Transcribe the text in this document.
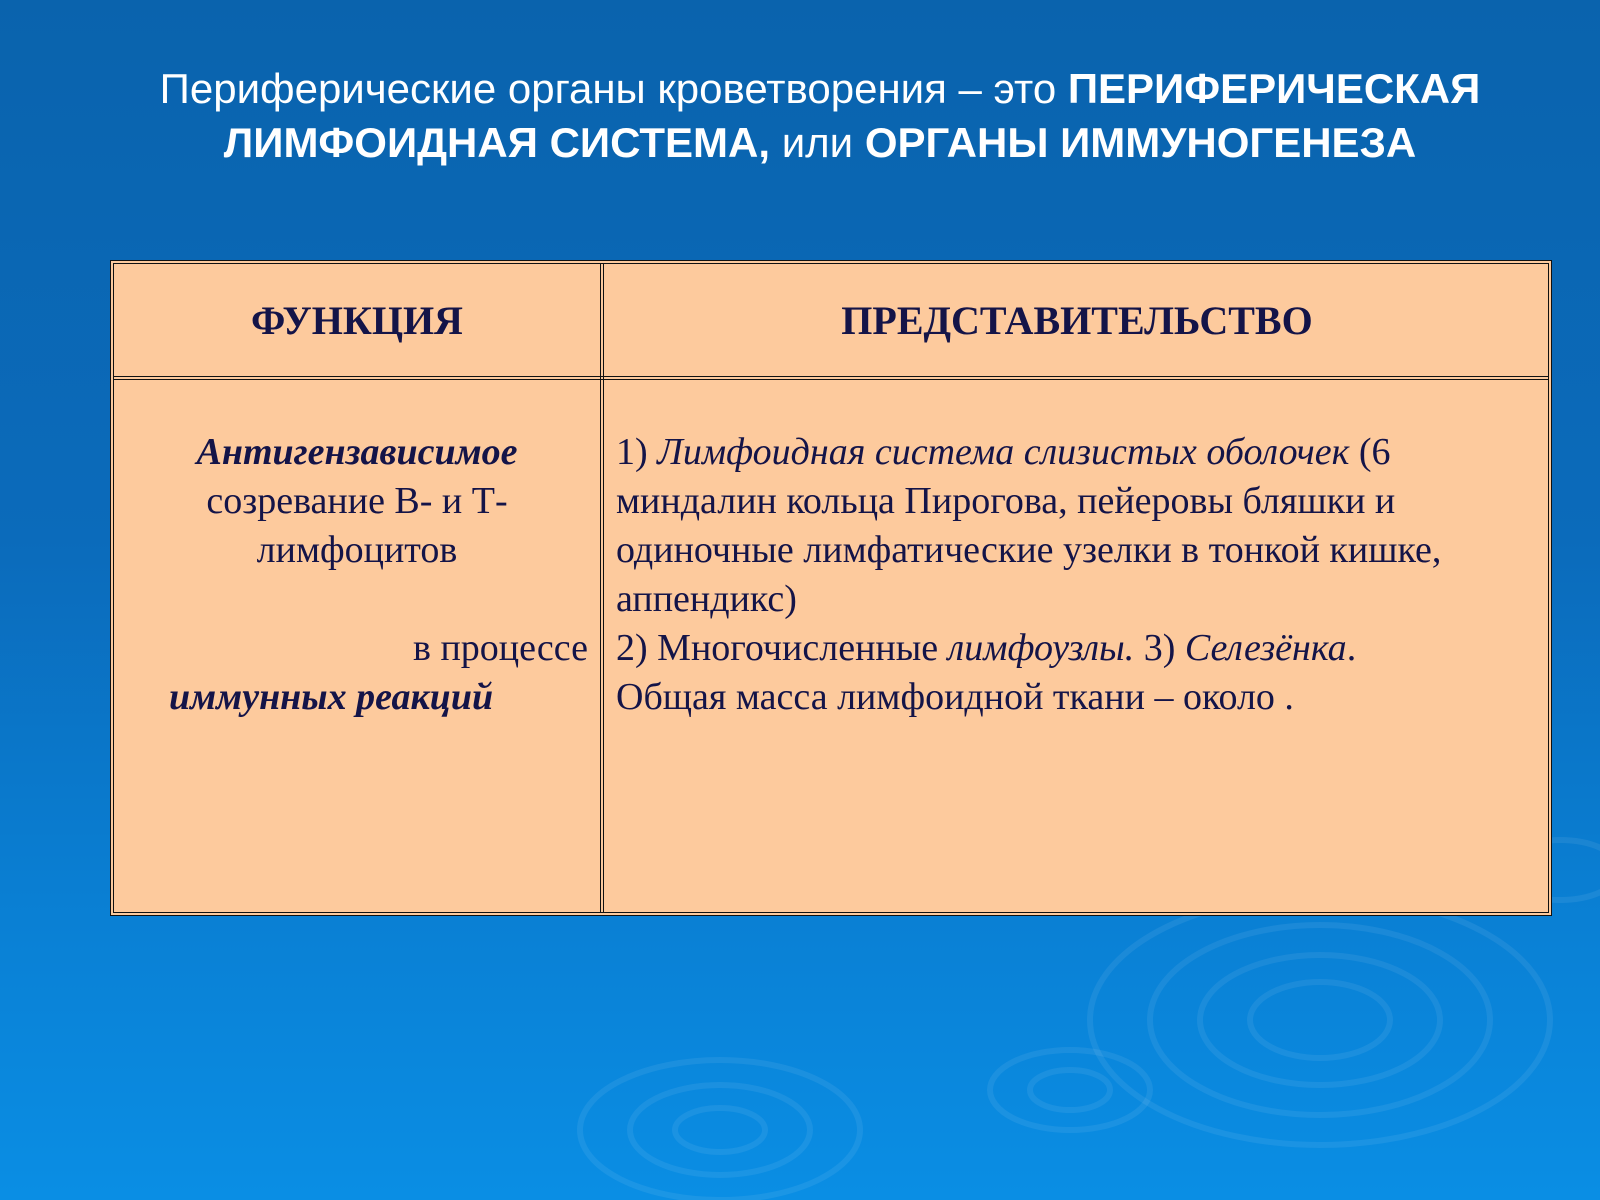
Периферические органы кроветворения – это ПЕРИФЕРИЧЕСКАЯ ЛИМФОИДНАЯ СИСТЕМА, или ОРГАНЫ ИММУНОГЕНЕЗА
ФУНКЦИЯ	ПРЕДСТАВИТЕЛЬСТВО
Антигензависимое
созревание В- и Т-
лимфоцитов
в процессе
иммунных реакций
1) Лимфоидная система слизистых оболочек (6 миндалин кольца Пирогова, пейеровы бляшки и одиночные лимфатические узелки в тонкой кишке, аппендикс)
2) Многочисленные лимфоузлы. 3) Селезёнка.
Общая масса лимфоидной ткани – около .
